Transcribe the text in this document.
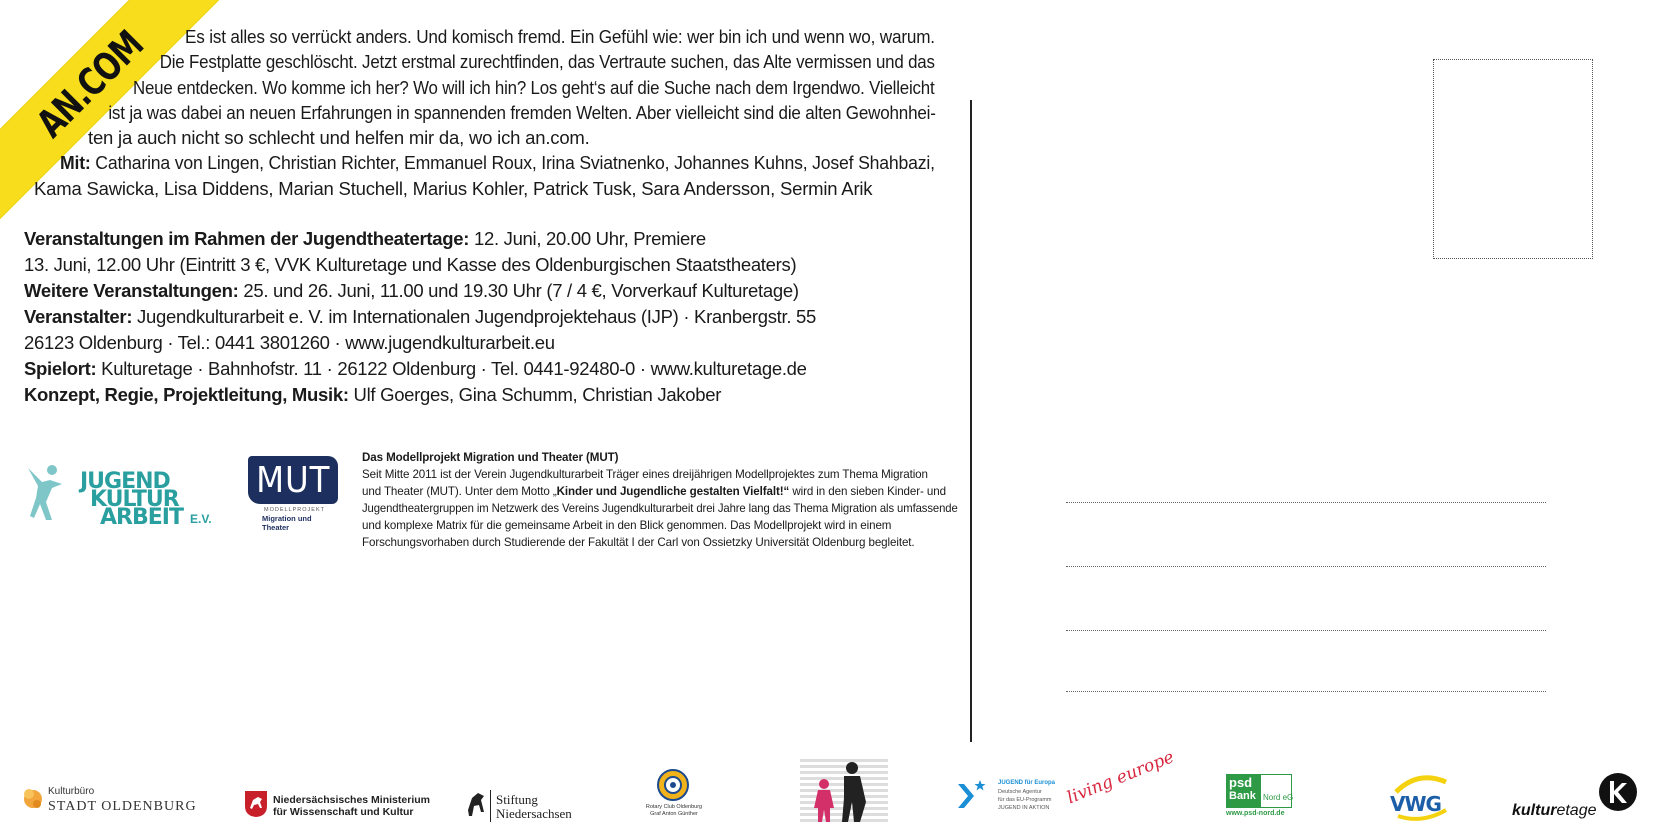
AN.COM	Es ist alles so verrückt anders. Und komisch fremd. Ein Gefühl wie: wer bin ich und wenn wo, warum.
Die Festplatte geschlöscht. Jetzt erstmal zurechtfinden, das Vertraute suchen, das Alte vermissen und das
Neue entdecken. Wo komme ich her? Wo will ich hin? Los geht‘s auf die Suche nach dem Irgendwo. Vielleicht
ist ja was dabei an neuen Erfahrungen in spannenden fremden Welten. Aber vielleicht sind die alten Gewohnhei-
ten ja auch nicht so schlecht und helfen mir da, wo ich an.com.
Mit: Catharina von Lingen, Christian Richter, Emmanuel Roux, Irina Sviatnenko, Johannes Kuhns, Josef Shahbazi,
Kama Sawicka, Lisa Diddens, Marian Stuchell, Marius Kohler, Patrick Tusk, Sara Andersson, Sermin Arik
Veranstaltungen im Rahmen der Jugendtheatertage: 12. Juni, 20.00 Uhr, Premiere
13. Juni, 12.00 Uhr (Eintritt 3 €, VVK Kulturetage und Kasse des Oldenburgischen Staatstheaters)
Weitere Veranstaltungen: 25. und 26. Juni, 11.00 und 19.30 Uhr (7 / 4 €, Vorverkauf Kulturetage)
Veranstalter: Jugendkulturarbeit e. V. im Internationalen Jugendprojektehaus (IJP) · Kranbergstr. 55
26123 Oldenburg · Tel.: 0441 3801260 · www.jugendkulturarbeit.eu
Spielort: Kulturetage · Bahnhofstr. 11 · 26122 Oldenburg · Tel. 0441-92480-0 · www.kulturetage.de
Konzept, Regie, Projektleitung, Musik: Ulf Goerges, Gina Schumm, Christian Jakober
JUGEND
KULTUR
ARBEIT E.V.
MUT
MODELLPROJEKT
Migration und Theater
Das Modellprojekt Migration und Theater (MUT)
Seit Mitte 2011 ist der Verein Jugendkulturarbeit Träger eines dreijährigen Modellprojektes zum Thema Migration
und Theater (MUT). Unter dem Motto „Kinder und Jugendliche gestalten Vielfalt!“ wird in den sieben Kinder- und
Jugendtheatergruppen im Netzwerk des Vereins Jugendkulturarbeit drei Jahre lang das Thema Migration als umfassende
und komplexe Matrix für die gemeinsame Arbeit in den Blick genommen. Das Modellprojekt wird in einem
Forschungsvorhaben durch Studierende der Fakultät I der Carl von Ossietzky Universität Oldenburg begleitet.
Kulturbüro
STADT OLDENBURG	Niedersächsisches Ministerium
für Wissenschaft und Kultur
Stiftung
Niedersachsen	Rotary Club Oldenburg
Graf Anton Günther
JUGEND für Europa
Deutsche Agentur
für das EU-Programm
JUGEND IN AKTION living europe	psd
Bank Nord eG
www.psd-nord.de	VWG	kulturetage
